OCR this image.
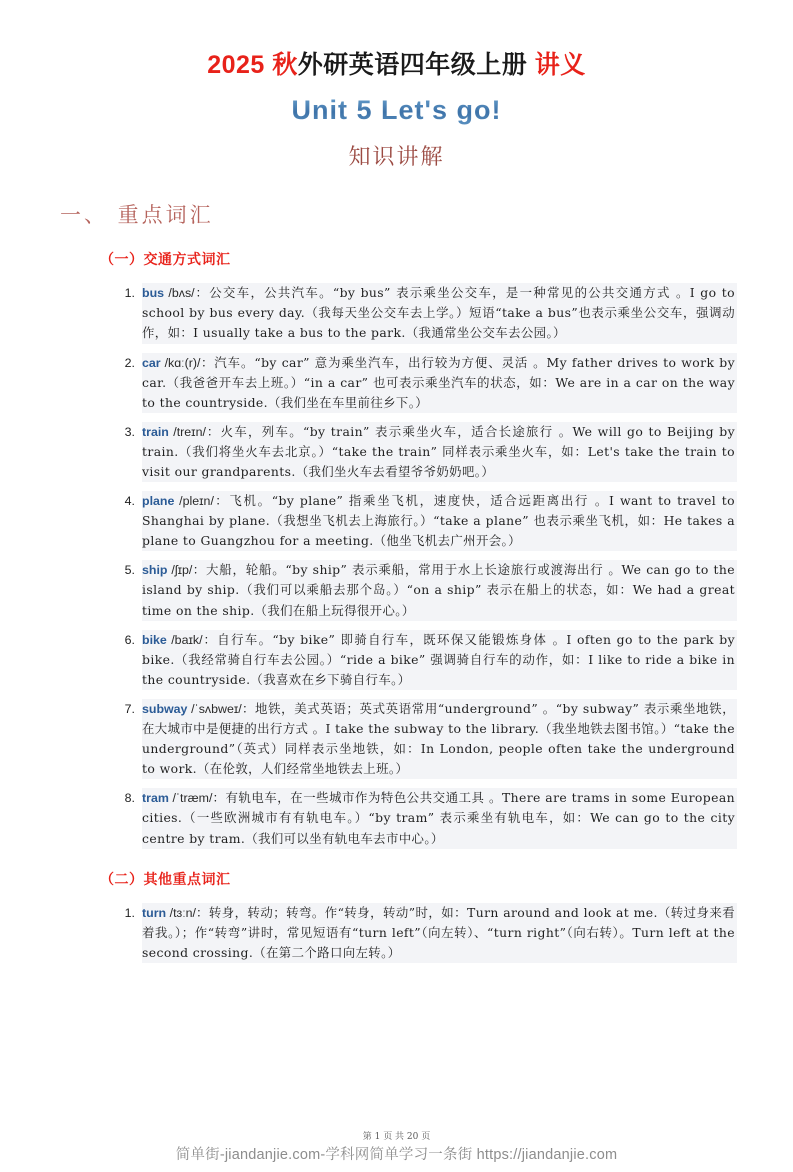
2025 秋外研英语四年级上册 讲义
Unit 5 Let's go!
知识讲解
一、 重点词汇
（一）交通方式词汇
bus /bʌs/：公交车，公共汽车。“by bus” 表示乘坐公交车，是一种常见的公共交通方式 。I go to school by bus every day.（我每天坐公交车去上学。）短语“take a bus”也表示乘坐公交车，强调动作，如：I usually take a bus to the park.（我通常坐公交车去公园。）
car /kɑː(r)/：汽车。“by car” 意为乘坐汽车，出行较为方便、灵活 。My father drives to work by car.（我爸爸开车去上班。）“in a car” 也可表示乘坐汽车的状态，如：We are in a car on the way to the countryside.（我们坐在车里前往乡下。）
train /treɪn/：火车，列车。“by train” 表示乘坐火车，适合长途旅行 。We will go to Beijing by train.（我们将坐火车去北京。）“take the train” 同样表示乘坐火车，如：Let's take the train to visit our grandparents.（我们坐火车去看望爷爷奶奶吧。）
plane /pleɪn/：飞机。“by plane” 指乘坐飞机，速度快，适合远距离出行 。I want to travel to Shanghai by plane.（我想坐飞机去上海旅行。）“take a plane” 也表示乘坐飞机，如：He takes a plane to Guangzhou for a meeting.（他坐飞机去广州开会。）
ship /ʃɪp/：大船，轮船。“by ship” 表示乘船，常用于水上长途旅行或渡海出行 。We can go to the island by ship.（我们可以乘船去那个岛。）“on a ship” 表示在船上的状态，如：We had a great time on the ship.（我们在船上玩得很开心。）
bike /baɪk/：自行车。“by bike” 即骑自行车，既环保又能锻炼身体 。I often go to the park by bike.（我经常骑自行车去公园。）“ride a bike” 强调骑自行车的动作，如：I like to ride a bike in the countryside.（我喜欢在乡下骑自行车。）
subway /ˈsʌbweɪ/：地铁，美式英语；英式英语常用“underground” 。“by subway” 表示乘坐地铁，在大城市中是便捷的出行方式 。I take the subway to the library.（我坐地铁去图书馆。）“take the underground”（英式）同样表示坐地铁，如：In London, people often take the underground to work.（在伦敦，人们经常坐地铁去上班。）
tram /ˈtræm/：有轨电车，在一些城市作为特色公共交通工具 。There are trams in some European cities.（一些欧洲城市有有轨电车。）“by tram” 表示乘坐有轨电车，如：We can go to the city centre by tram.（我们可以坐有轨电车去市中心。）
（二）其他重点词汇
turn /tɜːn/：转身，转动；转弯。作“转身，转动”时，如：Turn around and look at me.（转过身来看着我。）；作“转弯”讲时，常见短语有“turn left”（向左转）、“turn right”（向右转）。Turn left at the second crossing.（在第二个路口向左转。）
第 1 页 共 20 页
简单街-jiandanjie.com-学科网简单学习一条街 https://jiandanjie.com
